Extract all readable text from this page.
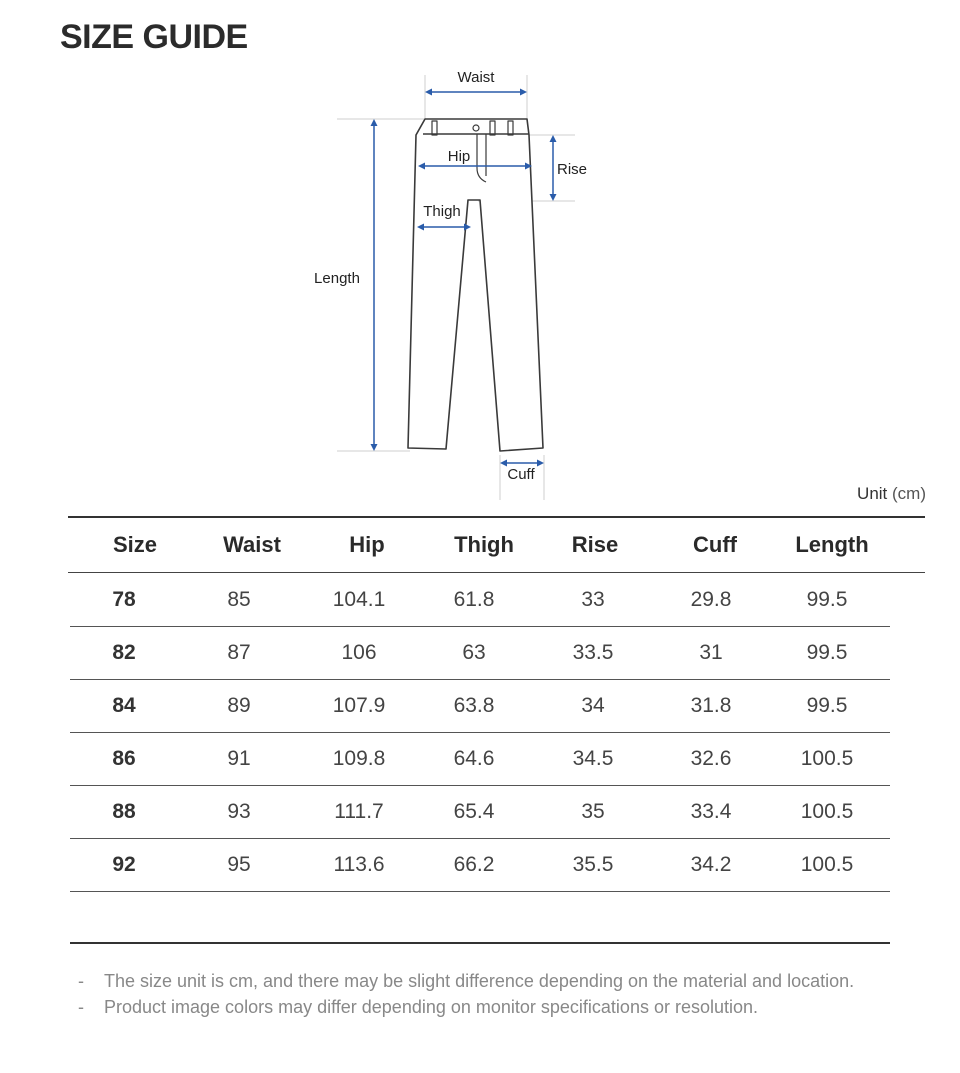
SIZE GUIDE
Waist
Hip
Rise
Thigh
Length
Cuff
Unit (cm)
Size	Waist	Hip	Thigh	Rise	Cuff	Length
78	85	104.1	61.8	33	29.8	99.5
82	87	106	63	33.5	31	99.5
84	89	107.9	63.8	34	31.8	99.5
86	91	109.8	64.6	34.5	32.6	100.5
88	93	111.7	65.4	35	33.4	100.5
92	95	113.6	66.2	35.5	34.2	100.5
- The size unit is cm, and there may be slight difference depending on the material and location.
- Product image colors may differ depending on monitor specifications or resolution.
